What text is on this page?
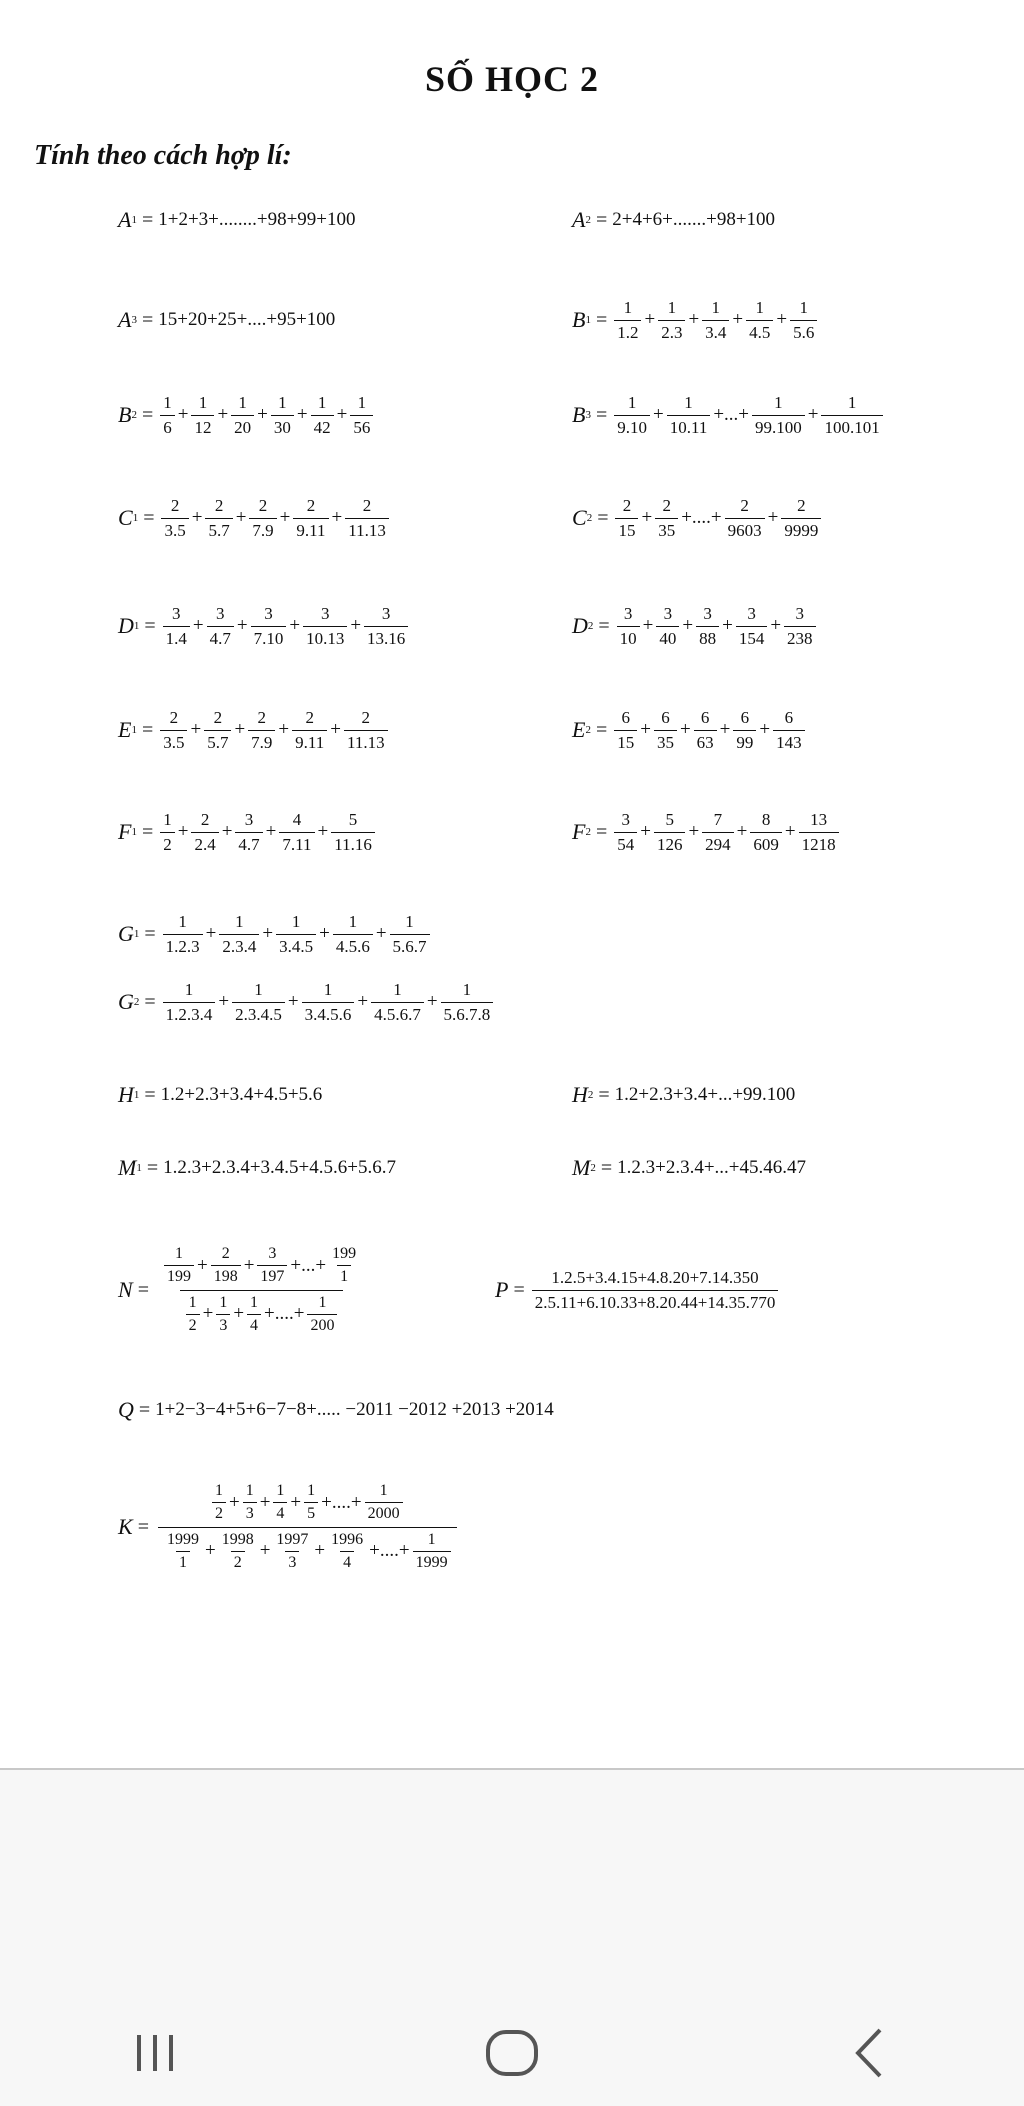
SỐ HỌC 2
Tính theo cách hợp lí:
A 1 = 1+2+3+........+98+99+100	A 2 = 2+4+6+.......+98+100
A 3 = 15+20+25+....+95+100	B $1 = \frac{1}{1.2} + \frac{1}{2.3} + \frac{1}{3.4} + \frac{1}{4.5} + \frac{1}{5.6}$
B $2 = \frac{1}{6} + \frac{1}{12} + \frac{1}{20} + \frac{1}{30} + \frac{1}{42} + \frac{1}{56}$	B $3 = \frac{1}{9.10} + \frac{1}{10.11}$ +...+ $\frac{1}{99.100} + \frac{1}{100.101}$
C $1 = \frac{2}{3.5} + \frac{2}{5.7} + \frac{2}{7.9} + \frac{2}{9.11} + \frac{2}{11.13}$	C $2 = \frac{2}{15} + \frac{2}{35}$ +....+ $\frac{2}{9603} + \frac{2}{9999}$
D $1 = \frac{3}{1.4} + \frac{3}{4.7} + \frac{3}{7.10} + \frac{3}{10.13} + \frac{3}{13.16}$	D $2 = \frac{3}{10} + \frac{3}{40} + \frac{3}{88} + \frac{3}{154} + \frac{3}{238}$
E $1 = \frac{2}{3.5} + \frac{2}{5.7} + \frac{2}{7.9} + \frac{2}{9.11} + \frac{2}{11.13}$	E $2 = \frac{6}{15} + \frac{6}{35} + \frac{6}{63} + \frac{6}{99} + \frac{6}{143}$
F $1 = \frac{1}{2} + \frac{2}{2.4} + \frac{3}{4.7} + \frac{4}{7.11} + \frac{5}{11.16}$	F $2 = \frac{3}{54} + \frac{5}{126} + \frac{7}{294} + \frac{8}{609} + \frac{13}{1218}$
G $1 = \frac{1}{1.2.3} + \frac{1}{2.3.4} + \frac{1}{3.4.5} + \frac{1}{4.5.6} + \frac{1}{5.6.7}$
G $2 = \frac{1}{1.2.3.4} + \frac{1}{2.3.4.5} + \frac{1}{3.4.5.6} + \frac{1}{4.5.6.7} + \frac{1}{5.6.7.8}$
H 1 = 1.2+2.3+3.4+4.5+5.6	H 2 = 1.2+2.3+3.4+...+99.100
M 1 = 1.2.3+2.3.4+3.4.5+4.5.6+5.6.7	M 2 = 1.2.3+2.3.4+...+45.46.47
$N = \frac{\frac{1}{199} + \frac{2}{198} + \frac{3}{197} +...+ \frac{199}{1}}{\frac{1}{2} + \frac{1}{3} + \frac{1}{4} +....+ \frac{1}{200}}$	$P = \frac{1.2.5+3.4.15+4.8.20+7.14.350}{2.5.11+6.10.33+8.20.44+14.35.770}$
Q = 1+2−3−4+5+6−7−8+..... −2011 −2012 +2013 +2014
$K = \frac{\frac{1}{2} + \frac{1}{3} + \frac{1}{4} + \frac{1}{5} +....+ \frac{1}{2000}}{\frac{1999}{1} + \frac{1998}{2} + \frac{1997}{3} + \frac{1996}{4} +....+ \frac{1}{1999}}$
